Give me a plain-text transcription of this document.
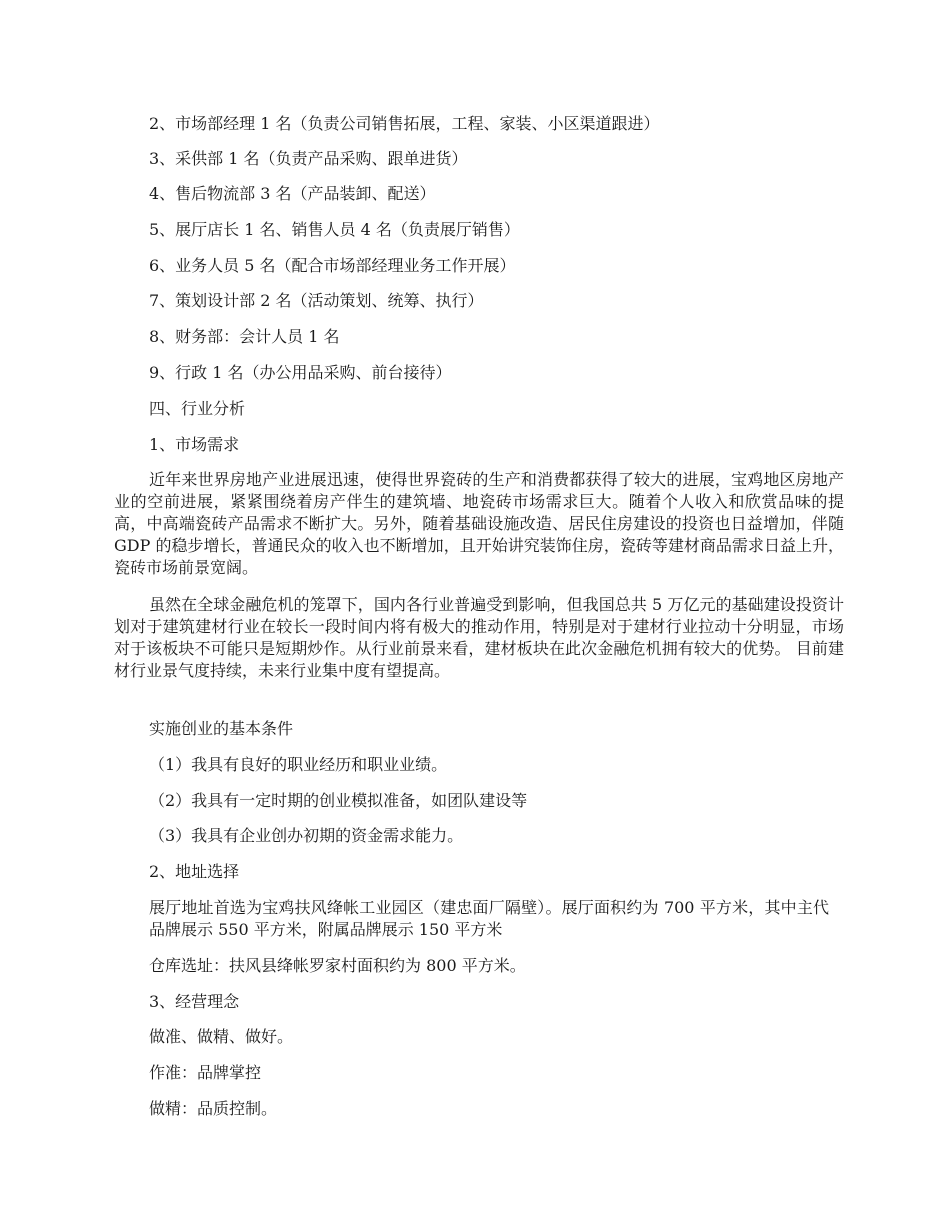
2、市场部经理 1 名（负责公司销售拓展，工程、家装、小区渠道跟进）

3、采供部 1 名（负责产品采购、跟单进货）

4、售后物流部 3 名（产品装卸、配送）

5、展厅店长 1 名、销售人员 4 名（负责展厅销售）

6、业务人员 5 名（配合市场部经理业务工作开展）

7、策划设计部 2 名（活动策划、统筹、执行）

8、财务部：会计人员 1 名

9、行政 1 名（办公用品采购、前台接待）

四、行业分析

1、市场需求

近年来世界房地产业进展迅速，使得世界瓷砖的生产和消费都获得了较大的进展，宝鸡地区房地产业的空前进展，紧紧围绕着房产伴生的建筑墙、地瓷砖市场需求巨大。随着个人收入和欣赏品味的提高，中高端瓷砖产品需求不断扩大。另外，随着基础设施改造、居民住房建设的投资也日益增加，伴随 GDP 的稳步增长，普通民众的收入也不断增加，且开始讲究装饰住房，瓷砖等建材商品需求日益上升，瓷砖市场前景宽阔。

虽然在全球金融危机的笼罩下，国内各行业普遍受到影响，但我国总共 5 万亿元的基础建设投资计划对于建筑建材行业在较长一段时间内将有极大的推动作用，特别是对于建材行业拉动十分明显，市场对于该板块不可能只是短期炒作。从行业前景来看，建材板块在此次金融危机拥有较大的优势。 目前建材行业景气度持续，未来行业集中度有望提高。

实施创业的基本条件

（1）我具有良好的职业经历和职业业绩。

（2）我具有一定时期的创业模拟准备，如团队建设等

（3）我具有企业创办初期的资金需求能力。

2、地址选择

展厅地址首选为宝鸡扶风绛帐工业园区（建忠面厂隔壁）。展厅面积约为 700 平方米，其中主代品牌展示 550 平方米，附属品牌展示 150 平方米

仓库选址：扶风县绛帐罗家村面积约为 800 平方米。

3、经营理念

做准、做精、做好。

作准：品牌掌控

做精：品质控制。
